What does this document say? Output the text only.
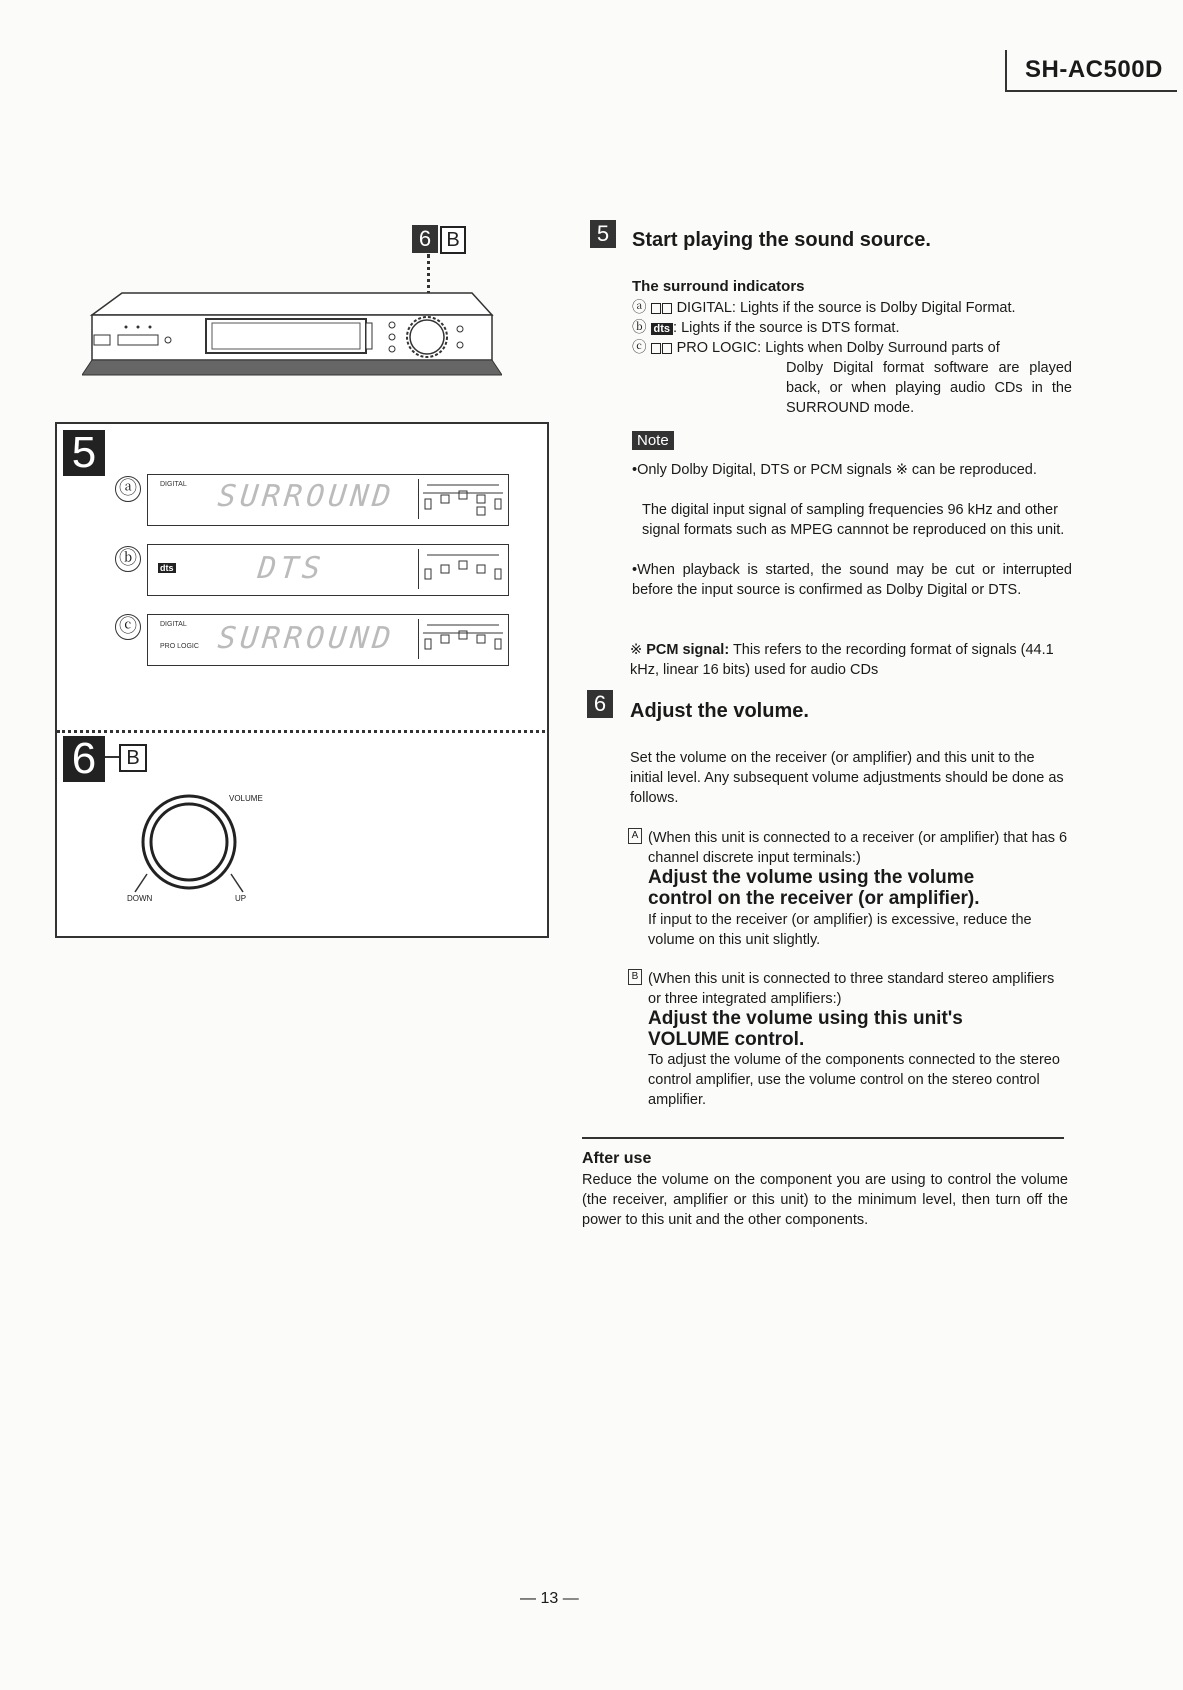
SH-AC500D
6 B
5
ⓐ	DIGITAL SURROUND
ⓑ	dts	DTS
ⓒ	DIGITAL
PRO LOGIC SURROUND
6	B
VOLUME
DOWN	UP
5	Start playing the sound source.
The surround indicators
ⓐ DIGITAL: Lights if the source is Dolby Digital Format.
ⓑ dts : Lights if the source is DTS format.
ⓒ PRO LOGIC: Lights when Dolby Surround parts of
Dolby Digital format software are played back, or when playing audio CDs in the SURROUND mode.
Note
•Only Dolby Digital, DTS or PCM signals ※ can be reproduced.
The digital input signal of sampling frequencies 96 kHz and other signal formats such as MPEG cannnot be reproduced on this unit.
•When playback is started, the sound may be cut or interrupted before the input source is confirmed as Dolby Digital or DTS.
※ PCM signal: This refers to the recording format of signals (44.1 kHz, linear 16 bits) used for audio CDs
6	Adjust the volume.
Set the volume on the receiver (or amplifier) and this unit to the initial level. Any subsequent volume adjustments should be done as follows.
A (When this unit is connected to a receiver (or amplifier) that has 6 channel discrete input terminals:)
Adjust the volume using the volume control on the receiver (or amplifier).
If input to the receiver (or amplifier) is excessive, reduce the volume on this unit slightly.
B (When this unit is connected to three standard stereo amplifiers or three integrated amplifiers:)
Adjust the volume using this unit's VOLUME control.
To adjust the volume of the components connected to the stereo control amplifier, use the volume control on the stereo control amplifier.
After use
Reduce the volume on the component you are using to control the volume (the receiver, amplifier or this unit) to the minimum level, then turn off the power to this unit and the other components.
— 13 —
